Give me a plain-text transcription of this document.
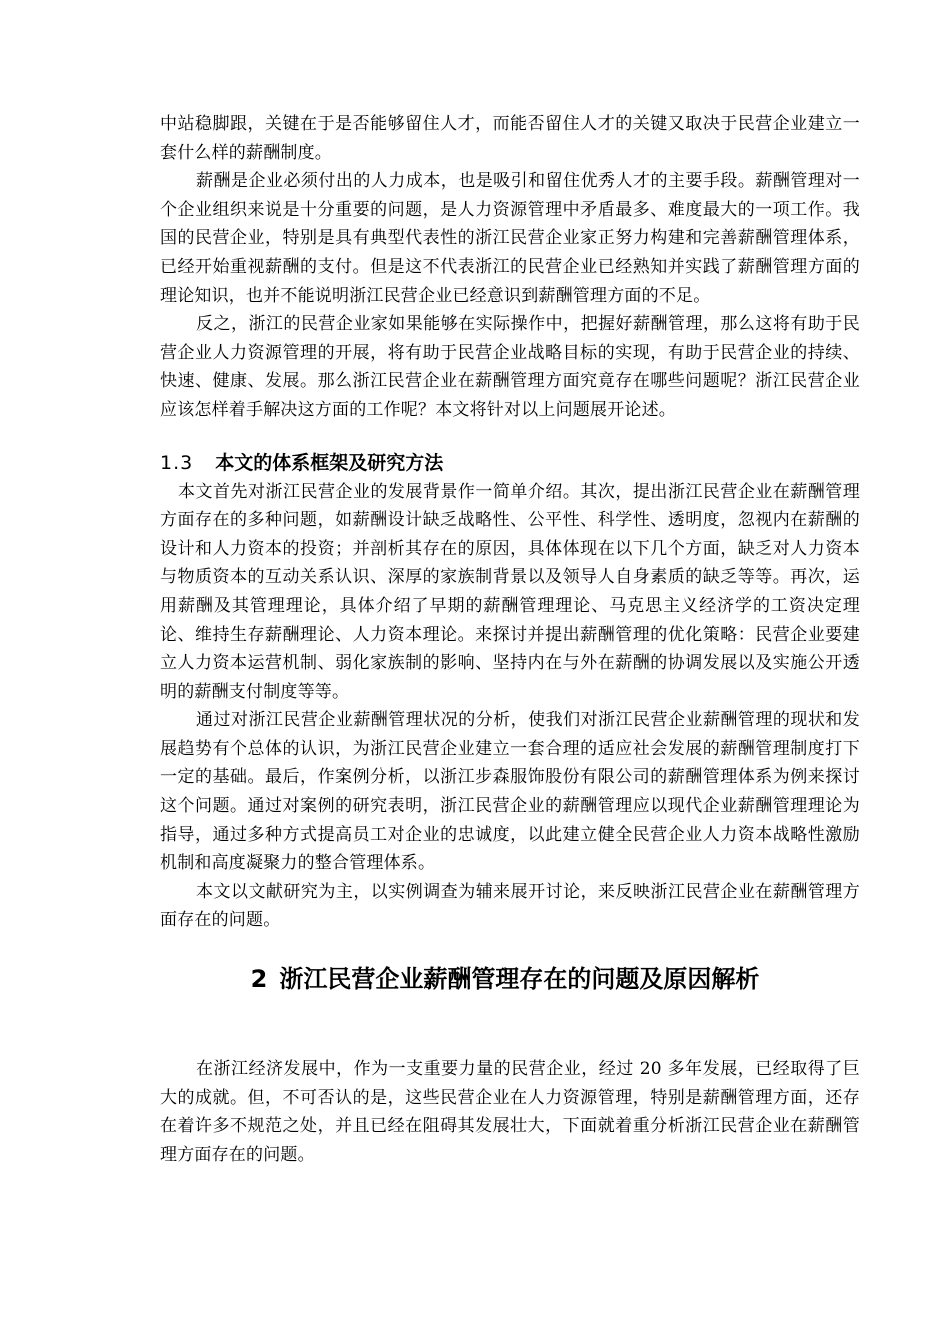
中站稳脚跟，关键在于是否能够留住人才，而能否留住人才的关键又取决于民营企业建立一套什么样的薪酬制度。

薪酬是企业必须付出的人力成本，也是吸引和留住优秀人才的主要手段。薪酬管理对一个企业组织来说是十分重要的问题，是人力资源管理中矛盾最多、难度最大的一项工作。我国的民营企业，特别是具有典型代表性的浙江民营企业家正努力构建和完善薪酬管理体系，已经开始重视薪酬的支付。但是这不代表浙江的民营企业已经熟知并实践了薪酬管理方面的理论知识，也并不能说明浙江民营企业已经意识到薪酬管理方面的不足。

反之，浙江的民营企业家如果能够在实际操作中，把握好薪酬管理，那么这将有助于民营企业人力资源管理的开展，将有助于民营企业战略目标的实现，有助于民营企业的持续、快速、健康、发展。那么浙江民营企业在薪酬管理方面究竟存在哪些问题呢？浙江民营企业应该怎样着手解决这方面的工作呢？本文将针对以上问题展开论述。

1.3 本文的体系框架及研究方法

本文首先对浙江民营企业的发展背景作一简单介绍。其次，提出浙江民营企业在薪酬管理方面存在的多种问题，如薪酬设计缺乏战略性、公平性、科学性、透明度，忽视内在薪酬的设计和人力资本的投资；并剖析其存在的原因，具体体现在以下几个方面，缺乏对人力资本与物质资本的互动关系认识、深厚的家族制背景以及领导人自身素质的缺乏等等。再次，运用薪酬及其管理理论，具体介绍了早期的薪酬管理理论、马克思主义经济学的工资决定理论、维持生存薪酬理论、人力资本理论。来探讨并提出薪酬管理的优化策略：民营企业要建立人力资本运营机制、弱化家族制的影响、坚持内在与外在薪酬的协调发展以及实施公开透明的薪酬支付制度等等。

通过对浙江民营企业薪酬管理状况的分析，使我们对浙江民营企业薪酬管理的现状和发展趋势有个总体的认识，为浙江民营企业建立一套合理的适应社会发展的薪酬管理制度打下一定的基础。最后，作案例分析，以浙江步森服饰股份有限公司的薪酬管理体系为例来探讨这个问题。通过对案例的研究表明，浙江民营企业的薪酬管理应以现代企业薪酬管理理论为指导，通过多种方式提高员工对企业的忠诚度，以此建立健全民营企业人力资本战略性激励机制和高度凝聚力的整合管理体系。

本文以文献研究为主，以实例调查为辅来展开讨论，来反映浙江民营企业在薪酬管理方面存在的问题。

2 浙江民营企业薪酬管理存在的问题及原因解析

在浙江经济发展中，作为一支重要力量的民营企业，经过 20 多年发展，已经取得了巨大的成就。但，不可否认的是，这些民营企业在人力资源管理，特别是薪酬管理方面，还存在着许多不规范之处，并且已经在阻碍其发展壮大，下面就着重分析浙江民营企业在薪酬管理方面存在的问题。
